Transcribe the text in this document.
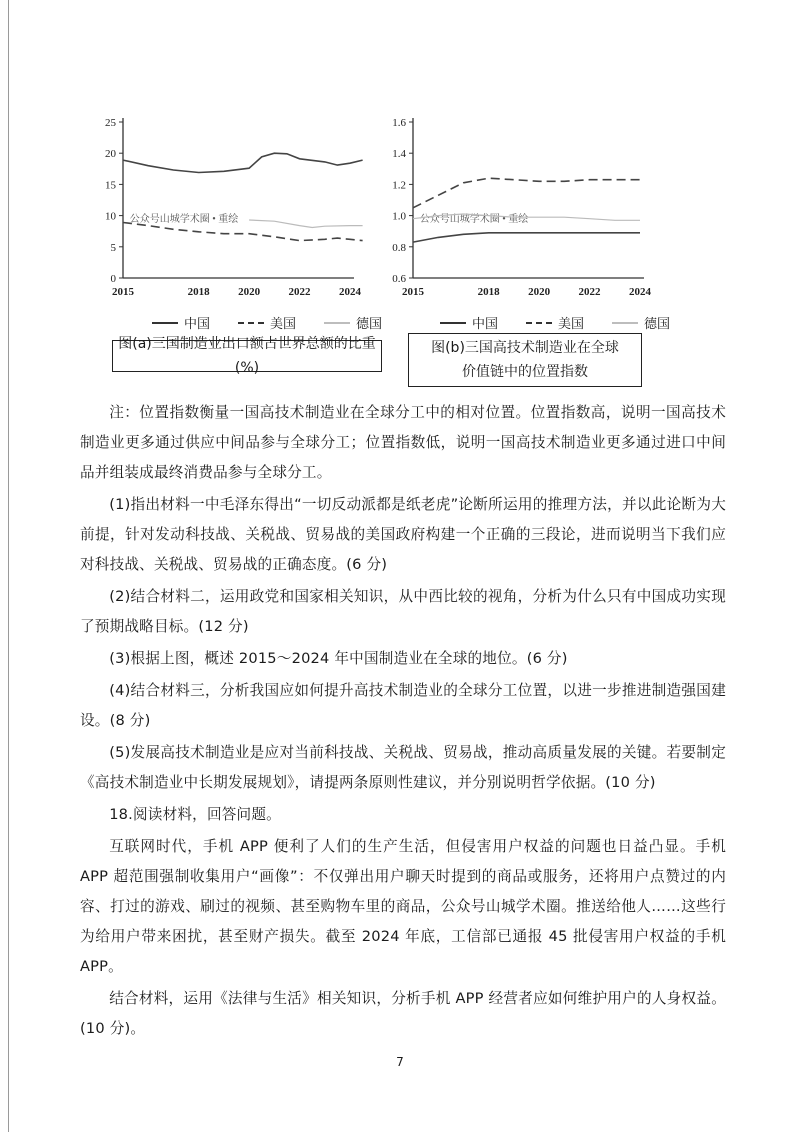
25
20
15
10
5
0
2015	2018	2020	2022	2024
公众号山城学术圈 • 重绘
中国	美国	德国
图(a)三国制造业出口额占世界总额的比重(%)
1.6
1.4
1.2
1.0
0.8
0.6
2015	2018	2020	2022	2024
公众号山城学术圈 • 重绘
中国	美国	德国
图(b)三国高技术制造业在全球
价值链中的位置指数

注：位置指数衡量一国高技术制造业在全球分工中的相对位置。位置指数高，说明一国高技术制造业更多通过供应中间品参与全球分工；位置指数低，说明一国高技术制造业更多通过进口中间品并组装成最终消费品参与全球分工。

(1)指出材料一中毛泽东得出“一切反动派都是纸老虎”论断所运用的推理方法，并以此论断为大前提，针对发动科技战、关税战、贸易战的美国政府构建一个正确的三段论，进而说明当下我们应对科技战、关税战、贸易战的正确态度。(6 分)

(2)结合材料二，运用政党和国家相关知识，从中西比较的视角，分析为什么只有中国成功实现了预期战略目标。(12 分)

(3)根据上图，概述 2015～2024 年中国制造业在全球的地位。(6 分)

(4)结合材料三，分析我国应如何提升高技术制造业的全球分工位置，以进一步推进制造强国建设。(8 分)

(5)发展高技术制造业是应对当前科技战、关税战、贸易战，推动高质量发展的关键。若要制定《高技术制造业中长期发展规划》，请提两条原则性建议，并分别说明哲学依据。(10 分)

18.阅读材料，回答问题。

互联网时代，手机 APP 便利了人们的生产生活，但侵害用户权益的问题也日益凸显。手机 APP 超范围强制收集用户“画像”：不仅弹出用户聊天时提到的商品或服务，还将用户点赞过的内容、打过的游戏、刷过的视频、甚至购物车里的商品，公众号山城学术圈。推送给他人……这些行为给用户带来困扰，甚至财产损失。截至 2024 年底，工信部已通报 45 批侵害用户权益的手机 APP。

结合材料，运用《法律与生活》相关知识，分析手机 APP 经营者应如何维护用户的人身权益。(10 分)。

7
